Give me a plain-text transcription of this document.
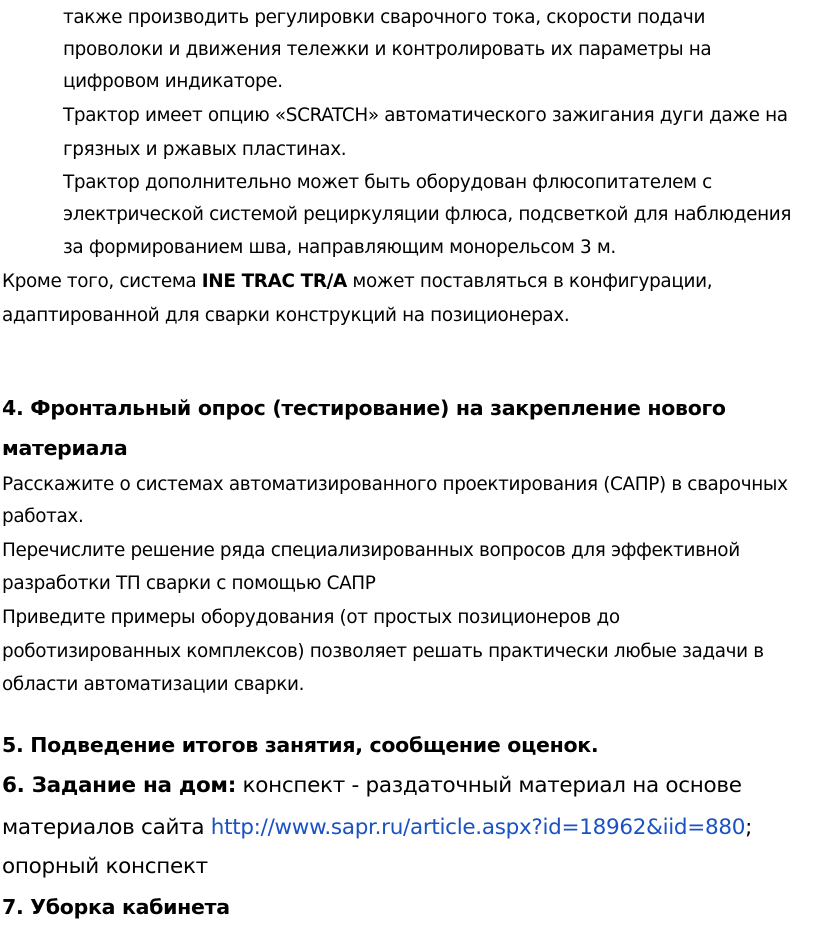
также производить регулировки сварочного тока, скорости подачи
проволоки и движения тележки и контролировать их параметры на
цифровом индикаторе.
Трактор имеет опцию «SCRATCH» автоматического зажигания дуги даже на
грязных и ржавых пластинах.
Трактор дополнительно может быть оборудован флюсопитателем с
электрической системой рециркуляции флюса, подсветкой для наблюдения
за формированием шва, направляющим монорельсом 3 м.
Кроме того, система INE TRAC TR/A может поставляться в конфигурации,
адаптированной для сварки конструкций на позиционерах.
4. Фронтальный опрос (тестирование) на закрепление нового
материала
Расскажите о системах автоматизированного проектирования (САПР) в сварочных
работах.
Перечислите решение ряда специализированных вопросов для эффективной
разработки ТП сварки с помощью САПР
Приведите примеры оборудования (от простых позиционеров до
роботизированных комплексов) позволяет решать практически любые задачи в
области автоматизации сварки.
5. Подведение итогов занятия, сообщение оценок.
6. Задание на дом: конспект - раздаточный материал на основе
материалов сайта http://www.sapr.ru/article.aspx?id=18962&iid=880;
опорный конспект
7. Уборка кабинета
